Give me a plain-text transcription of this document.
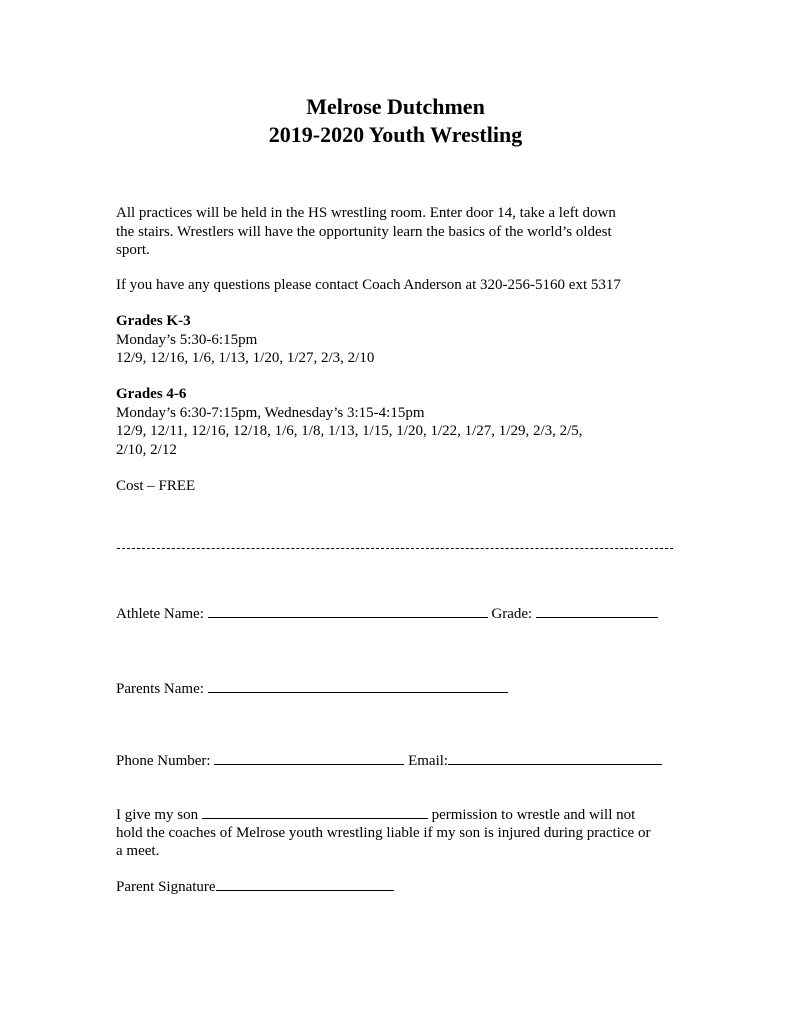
Melrose Dutchmen
2019-2020 Youth Wrestling
All practices will be held in the HS wrestling room. Enter door 14, take a left down
the stairs. Wrestlers will have the opportunity learn the basics of the world’s oldest
sport.
If you have any questions please contact Coach Anderson at 320-256-5160 ext 5317
Grades K-3
Monday’s 5:30-6:15pm
12/9, 12/16, 1/6, 1/13, 1/20, 1/27, 2/3, 2/10
Grades 4-6
Monday’s 6:30-7:15pm, Wednesday’s 3:15-4:15pm
12/9, 12/11, 12/16, 12/18, 1/6, 1/8, 1/13, 1/15, 1/20, 1/22, 1/27, 1/29, 2/3, 2/5,
2/10, 2/12
Cost – FREE
Athlete Name:	Grade:
Parents Name:
Phone Number:	Email:
I give my son	permission to wrestle and will not
hold the coaches of Melrose youth wrestling liable if my son is injured during practice or
a meet.
Parent Signature
